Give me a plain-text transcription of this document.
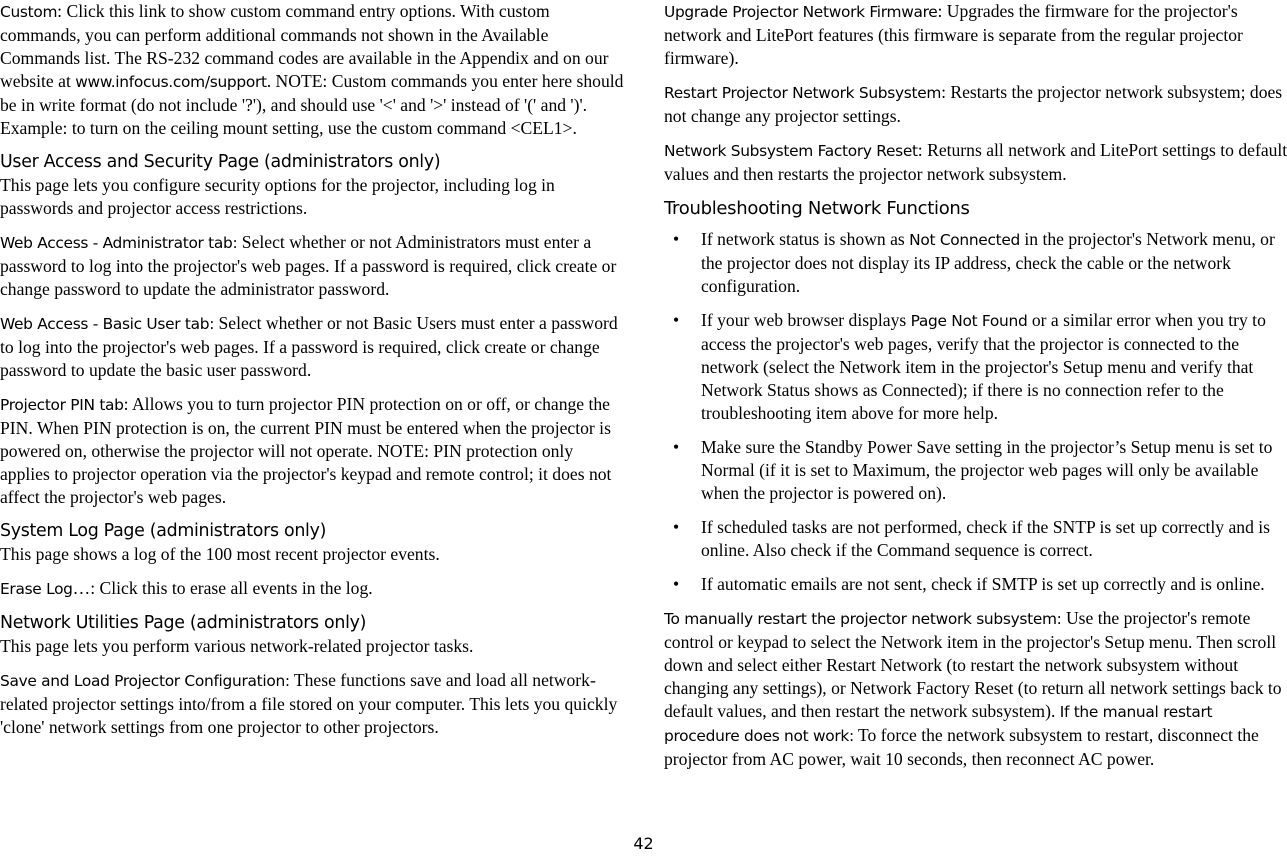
Custom: Click this link to show custom command entry options. With custom commands, you can perform additional commands not shown in the Available Commands list. The RS-232 command codes are available in the Appendix and on our website at www.infocus.com/support. NOTE: Custom commands you enter here should be in write format (do not include '?'), and should use '<' and '>' instead of '(' and ')'. Example: to turn on the ceiling mount setting, use the custom command <CEL1>.

User Access and Security Page (administrators only)

This page lets you configure security options for the projector, including log in passwords and projector access restrictions.

Web Access - Administrator tab: Select whether or not Administrators must enter a password to log into the projector's web pages. If a password is required, click create or change password to update the administrator password.

Web Access - Basic User tab: Select whether or not Basic Users must enter a password to log into the projector's web pages. If a password is required, click create or change password to update the basic user password.

Projector PIN tab: Allows you to turn projector PIN protection on or off, or change the PIN. When PIN protection is on, the current PIN must be entered when the projector is powered on, otherwise the projector will not operate. NOTE: PIN protection only applies to projector operation via the projector's keypad and remote control; it does not affect the projector's web pages.

System Log Page (administrators only)

This page shows a log of the 100 most recent projector events.

Erase Log…: Click this to erase all events in the log.

Network Utilities Page (administrators only)

This page lets you perform various network-related projector tasks.

Save and Load Projector Configuration: These functions save and load all network-related projector settings into/from a file stored on your computer. This lets you quickly 'clone' network settings from one projector to other projectors.

Upgrade Projector Network Firmware: Upgrades the firmware for the projector's network and LitePort features (this firmware is separate from the regular projector firmware).

Restart Projector Network Subsystem: Restarts the projector network subsystem; does not change any projector settings.

Network Subsystem Factory Reset: Returns all network and LitePort settings to default values and then restarts the projector network subsystem.

Troubleshooting Network Functions
• If network status is shown as Not Connected in the projector's Network menu, or the projector does not display its IP address, check the cable or the network configuration.
• If your web browser displays Page Not Found or a similar error when you try to access the projector's web pages, verify that the projector is connected to the network (select the Network item in the projector's Setup menu and verify that Network Status shows as Connected); if there is no connection refer to the troubleshooting item above for more help.
• Make sure the Standby Power Save setting in the projector’s Setup menu is set to Normal (if it is set to Maximum, the projector web pages will only be available when the projector is powered on).
• If scheduled tasks are not performed, check if the SNTP is set up correctly and is online. Also check if the Command sequence is correct.
• If automatic emails are not sent, check if SMTP is set up correctly and is online.

To manually restart the projector network subsystem: Use the projector's remote control or keypad to select the Network item in the projector's Setup menu. Then scroll down and select either Restart Network (to restart the network subsystem without changing any settings), or Network Factory Reset (to return all network settings back to default values, and then restart the network subsystem). If the manual restart procedure does not work: To force the network subsystem to restart, disconnect the projector from AC power, wait 10 seconds, then reconnect AC power.

42
